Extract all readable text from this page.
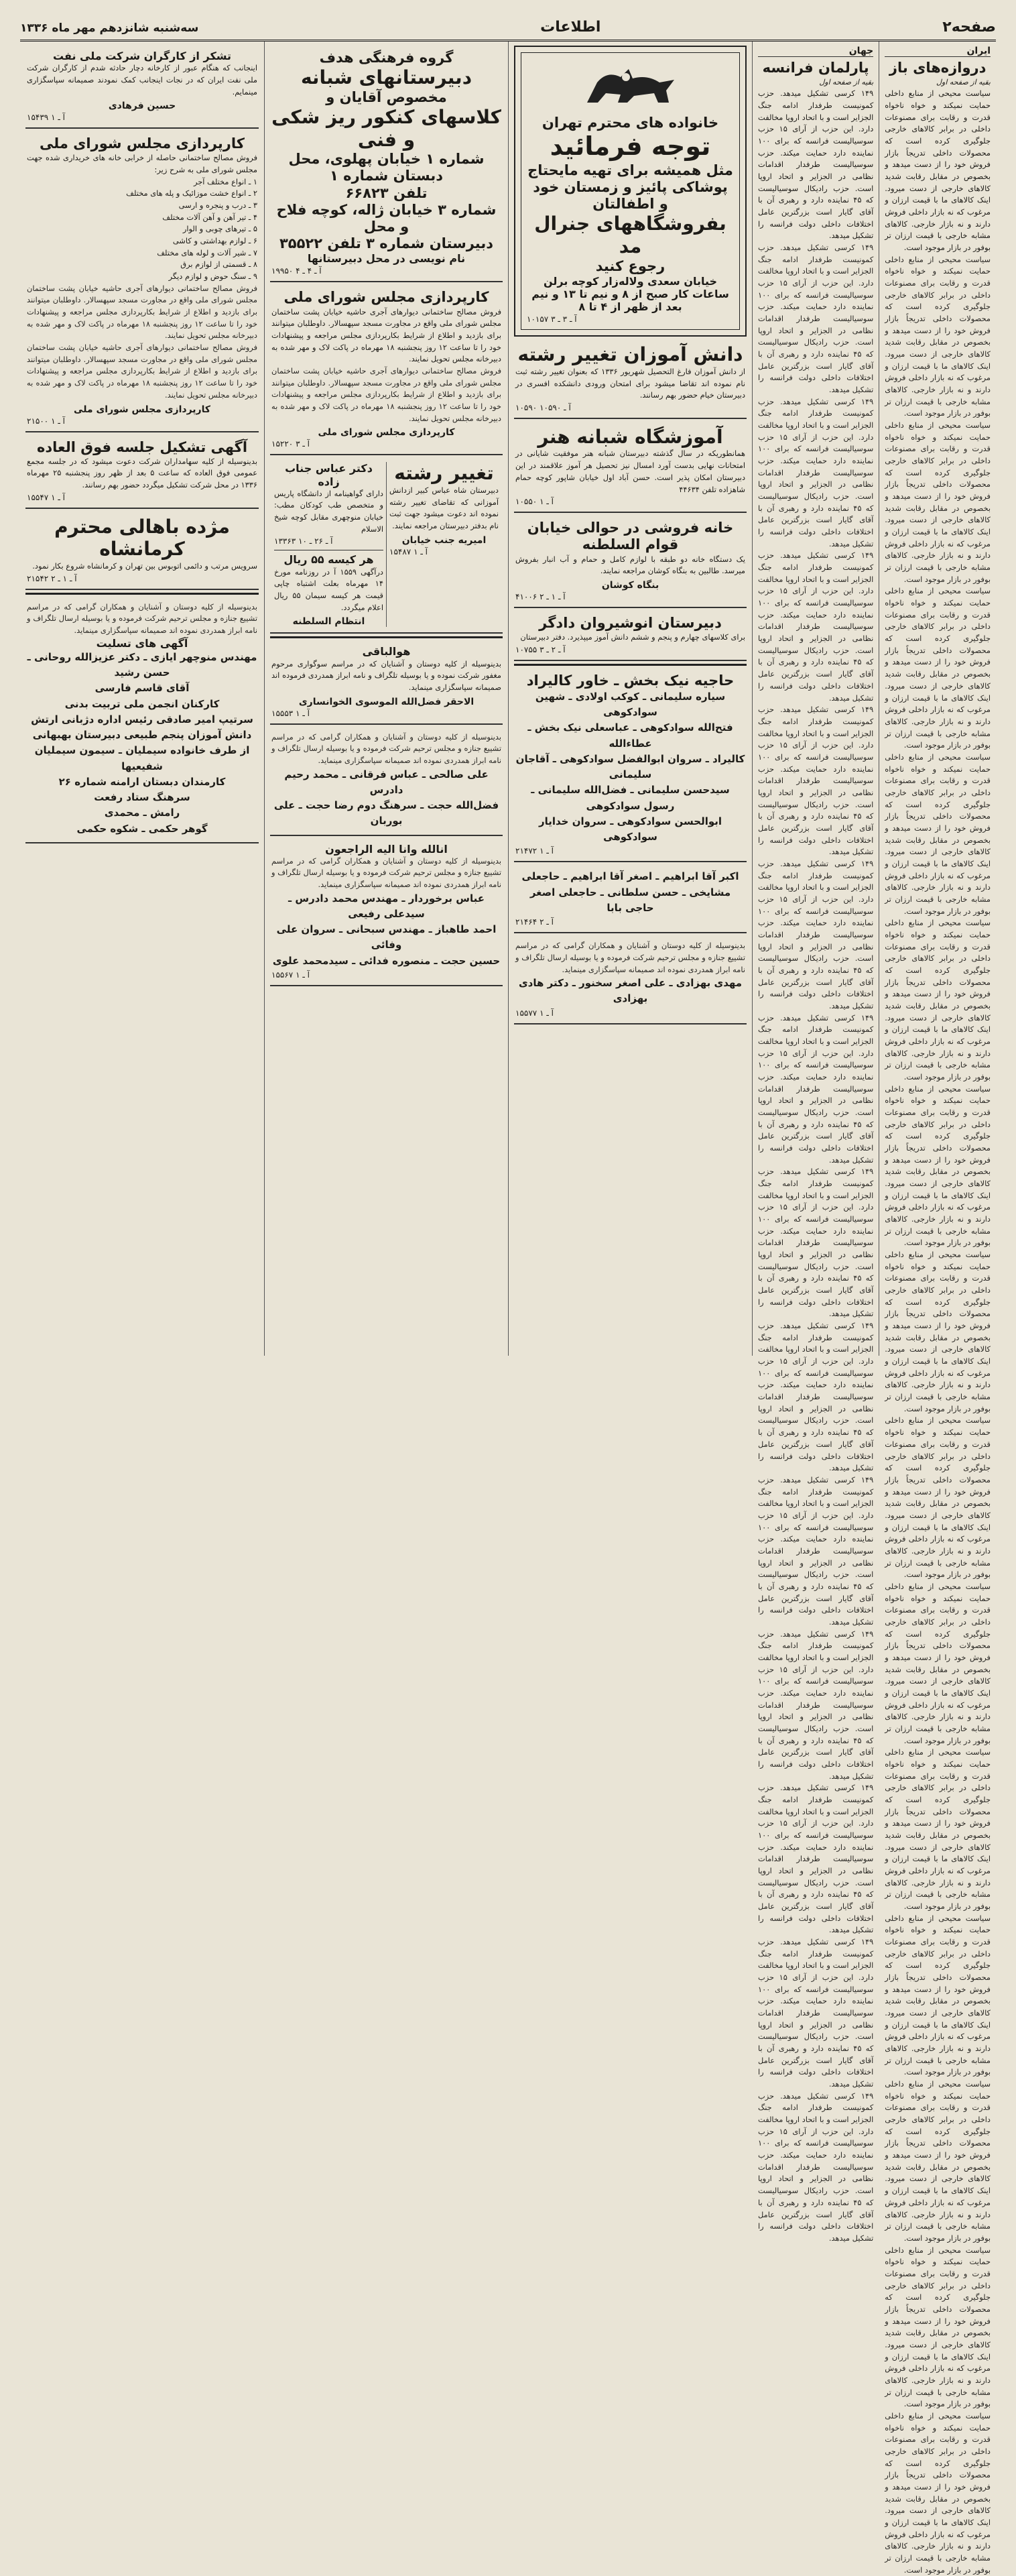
صفحه۲
اطلاعات
سه‌شنبه شانزدهم مهر ماه ۱۳۳۶
ایران
دروازه‌های باز
بقیه از صفحه اول
سیاست محیحی از منابع داخلی حمایت نمیکند و خواه ناخواه قدرت و رقابت برای مصنوعات داخلی در برابر کالاهای خارجی جلوگیری کرده است که محصولات داخلی تدریجاً بازار فروش خود را از دست میدهد و بخصوص در مقابل رقابت شدید کالاهای خارجی از دست میرود. اینک کالاهای ما با قیمت ارزان و مرغوب که نه بازار داخلی فروش دارند و نه بازار خارجی. کالاهای مشابه خارجی با قیمت ارزان تر بوفور در بازار موجود است.
سیاست محیحی از منابع داخلی حمایت نمیکند و خواه ناخواه قدرت و رقابت برای مصنوعات داخلی در برابر کالاهای خارجی جلوگیری کرده است که محصولات داخلی تدریجاً بازار فروش خود را از دست میدهد و بخصوص در مقابل رقابت شدید کالاهای خارجی از دست میرود. اینک کالاهای ما با قیمت ارزان و مرغوب که نه بازار داخلی فروش دارند و نه بازار خارجی. کالاهای مشابه خارجی با قیمت ارزان تر بوفور در بازار موجود است.
سیاست محیحی از منابع داخلی حمایت نمیکند و خواه ناخواه قدرت و رقابت برای مصنوعات داخلی در برابر کالاهای خارجی جلوگیری کرده است که محصولات داخلی تدریجاً بازار فروش خود را از دست میدهد و بخصوص در مقابل رقابت شدید کالاهای خارجی از دست میرود. اینک کالاهای ما با قیمت ارزان و مرغوب که نه بازار داخلی فروش دارند و نه بازار خارجی. کالاهای مشابه خارجی با قیمت ارزان تر بوفور در بازار موجود است.
سیاست محیحی از منابع داخلی حمایت نمیکند و خواه ناخواه قدرت و رقابت برای مصنوعات داخلی در برابر کالاهای خارجی جلوگیری کرده است که محصولات داخلی تدریجاً بازار فروش خود را از دست میدهد و بخصوص در مقابل رقابت شدید کالاهای خارجی از دست میرود. اینک کالاهای ما با قیمت ارزان و مرغوب که نه بازار داخلی فروش دارند و نه بازار خارجی. کالاهای مشابه خارجی با قیمت ارزان تر بوفور در بازار موجود است.
سیاست محیحی از منابع داخلی حمایت نمیکند و خواه ناخواه قدرت و رقابت برای مصنوعات داخلی در برابر کالاهای خارجی جلوگیری کرده است که محصولات داخلی تدریجاً بازار فروش خود را از دست میدهد و بخصوص در مقابل رقابت شدید کالاهای خارجی از دست میرود. اینک کالاهای ما با قیمت ارزان و مرغوب که نه بازار داخلی فروش دارند و نه بازار خارجی. کالاهای مشابه خارجی با قیمت ارزان تر بوفور در بازار موجود است.
سیاست محیحی از منابع داخلی حمایت نمیکند و خواه ناخواه قدرت و رقابت برای مصنوعات داخلی در برابر کالاهای خارجی جلوگیری کرده است که محصولات داخلی تدریجاً بازار فروش خود را از دست میدهد و بخصوص در مقابل رقابت شدید کالاهای خارجی از دست میرود. اینک کالاهای ما با قیمت ارزان و مرغوب که نه بازار داخلی فروش دارند و نه بازار خارجی. کالاهای مشابه خارجی با قیمت ارزان تر بوفور در بازار موجود است.
سیاست محیحی از منابع داخلی حمایت نمیکند و خواه ناخواه قدرت و رقابت برای مصنوعات داخلی در برابر کالاهای خارجی جلوگیری کرده است که محصولات داخلی تدریجاً بازار فروش خود را از دست میدهد و بخصوص در مقابل رقابت شدید کالاهای خارجی از دست میرود. اینک کالاهای ما با قیمت ارزان و مرغوب که نه بازار داخلی فروش دارند و نه بازار خارجی. کالاهای مشابه خارجی با قیمت ارزان تر بوفور در بازار موجود است.
سیاست محیحی از منابع داخلی حمایت نمیکند و خواه ناخواه قدرت و رقابت برای مصنوعات داخلی در برابر کالاهای خارجی جلوگیری کرده است که محصولات داخلی تدریجاً بازار فروش خود را از دست میدهد و بخصوص در مقابل رقابت شدید کالاهای خارجی از دست میرود. اینک کالاهای ما با قیمت ارزان و مرغوب که نه بازار داخلی فروش دارند و نه بازار خارجی. کالاهای مشابه خارجی با قیمت ارزان تر بوفور در بازار موجود است.
سیاست محیحی از منابع داخلی حمایت نمیکند و خواه ناخواه قدرت و رقابت برای مصنوعات داخلی در برابر کالاهای خارجی جلوگیری کرده است که محصولات داخلی تدریجاً بازار فروش خود را از دست میدهد و بخصوص در مقابل رقابت شدید کالاهای خارجی از دست میرود. اینک کالاهای ما با قیمت ارزان و مرغوب که نه بازار داخلی فروش دارند و نه بازار خارجی. کالاهای مشابه خارجی با قیمت ارزان تر بوفور در بازار موجود است.
سیاست محیحی از منابع داخلی حمایت نمیکند و خواه ناخواه قدرت و رقابت برای مصنوعات داخلی در برابر کالاهای خارجی جلوگیری کرده است که محصولات داخلی تدریجاً بازار فروش خود را از دست میدهد و بخصوص در مقابل رقابت شدید کالاهای خارجی از دست میرود. اینک کالاهای ما با قیمت ارزان و مرغوب که نه بازار داخلی فروش دارند و نه بازار خارجی. کالاهای مشابه خارجی با قیمت ارزان تر بوفور در بازار موجود است.
سیاست محیحی از منابع داخلی حمایت نمیکند و خواه ناخواه قدرت و رقابت برای مصنوعات داخلی در برابر کالاهای خارجی جلوگیری کرده است که محصولات داخلی تدریجاً بازار فروش خود را از دست میدهد و بخصوص در مقابل رقابت شدید کالاهای خارجی از دست میرود. اینک کالاهای ما با قیمت ارزان و مرغوب که نه بازار داخلی فروش دارند و نه بازار خارجی. کالاهای مشابه خارجی با قیمت ارزان تر بوفور در بازار موجود است.
سیاست محیحی از منابع داخلی حمایت نمیکند و خواه ناخواه قدرت و رقابت برای مصنوعات داخلی در برابر کالاهای خارجی جلوگیری کرده است که محصولات داخلی تدریجاً بازار فروش خود را از دست میدهد و بخصوص در مقابل رقابت شدید کالاهای خارجی از دست میرود. اینک کالاهای ما با قیمت ارزان و مرغوب که نه بازار داخلی فروش دارند و نه بازار خارجی. کالاهای مشابه خارجی با قیمت ارزان تر بوفور در بازار موجود است.
سیاست محیحی از منابع داخلی حمایت نمیکند و خواه ناخواه قدرت و رقابت برای مصنوعات داخلی در برابر کالاهای خارجی جلوگیری کرده است که محصولات داخلی تدریجاً بازار فروش خود را از دست میدهد و بخصوص در مقابل رقابت شدید کالاهای خارجی از دست میرود. اینک کالاهای ما با قیمت ارزان و مرغوب که نه بازار داخلی فروش دارند و نه بازار خارجی. کالاهای مشابه خارجی با قیمت ارزان تر بوفور در بازار موجود است.
سیاست محیحی از منابع داخلی حمایت نمیکند و خواه ناخواه قدرت و رقابت برای مصنوعات داخلی در برابر کالاهای خارجی جلوگیری کرده است که محصولات داخلی تدریجاً بازار فروش خود را از دست میدهد و بخصوص در مقابل رقابت شدید کالاهای خارجی از دست میرود. اینک کالاهای ما با قیمت ارزان و مرغوب که نه بازار داخلی فروش دارند و نه بازار خارجی. کالاهای مشابه خارجی با قیمت ارزان تر بوفور در بازار موجود است.
سیاست محیحی از منابع داخلی حمایت نمیکند و خواه ناخواه قدرت و رقابت برای مصنوعات داخلی در برابر کالاهای خارجی جلوگیری کرده است که محصولات داخلی تدریجاً بازار فروش خود را از دست میدهد و بخصوص در مقابل رقابت شدید کالاهای خارجی از دست میرود. اینک کالاهای ما با قیمت ارزان و مرغوب که نه بازار داخلی فروش دارند و نه بازار خارجی. کالاهای مشابه خارجی با قیمت ارزان تر بوفور در بازار موجود است.
جهان
پارلمان فرانسه
بقیه از صفحه اول
۱۴۹ کرسی تشکیل میدهد. حزب کمونیست طرفدار ادامه جنگ الجزایر است و با اتحاد اروپا مخالفت دارد. این حزب از آرای ۱۵ حزب سوسیالیست فرانسه که برای ۱۰۰ نماینده دارد حمایت میکند. حزب سوسیالیست طرفدار اقدامات نظامی در الجزایر و اتحاد اروپا است. حزب رادیکال سوسیالیست که ۴۵ نماینده دارد و رهبری آن با آقای گایار است بزرگترین عامل اختلافات داخلی دولت فرانسه را تشکیل میدهد.
۱۴۹ کرسی تشکیل میدهد. حزب کمونیست طرفدار ادامه جنگ الجزایر است و با اتحاد اروپا مخالفت دارد. این حزب از آرای ۱۵ حزب سوسیالیست فرانسه که برای ۱۰۰ نماینده دارد حمایت میکند. حزب سوسیالیست طرفدار اقدامات نظامی در الجزایر و اتحاد اروپا است. حزب رادیکال سوسیالیست که ۴۵ نماینده دارد و رهبری آن با آقای گایار است بزرگترین عامل اختلافات داخلی دولت فرانسه را تشکیل میدهد.
۱۴۹ کرسی تشکیل میدهد. حزب کمونیست طرفدار ادامه جنگ الجزایر است و با اتحاد اروپا مخالفت دارد. این حزب از آرای ۱۵ حزب سوسیالیست فرانسه که برای ۱۰۰ نماینده دارد حمایت میکند. حزب سوسیالیست طرفدار اقدامات نظامی در الجزایر و اتحاد اروپا است. حزب رادیکال سوسیالیست که ۴۵ نماینده دارد و رهبری آن با آقای گایار است بزرگترین عامل اختلافات داخلی دولت فرانسه را تشکیل میدهد.
۱۴۹ کرسی تشکیل میدهد. حزب کمونیست طرفدار ادامه جنگ الجزایر است و با اتحاد اروپا مخالفت دارد. این حزب از آرای ۱۵ حزب سوسیالیست فرانسه که برای ۱۰۰ نماینده دارد حمایت میکند. حزب سوسیالیست طرفدار اقدامات نظامی در الجزایر و اتحاد اروپا است. حزب رادیکال سوسیالیست که ۴۵ نماینده دارد و رهبری آن با آقای گایار است بزرگترین عامل اختلافات داخلی دولت فرانسه را تشکیل میدهد.
۱۴۹ کرسی تشکیل میدهد. حزب کمونیست طرفدار ادامه جنگ الجزایر است و با اتحاد اروپا مخالفت دارد. این حزب از آرای ۱۵ حزب سوسیالیست فرانسه که برای ۱۰۰ نماینده دارد حمایت میکند. حزب سوسیالیست طرفدار اقدامات نظامی در الجزایر و اتحاد اروپا است. حزب رادیکال سوسیالیست که ۴۵ نماینده دارد و رهبری آن با آقای گایار است بزرگترین عامل اختلافات داخلی دولت فرانسه را تشکیل میدهد.
۱۴۹ کرسی تشکیل میدهد. حزب کمونیست طرفدار ادامه جنگ الجزایر است و با اتحاد اروپا مخالفت دارد. این حزب از آرای ۱۵ حزب سوسیالیست فرانسه که برای ۱۰۰ نماینده دارد حمایت میکند. حزب سوسیالیست طرفدار اقدامات نظامی در الجزایر و اتحاد اروپا است. حزب رادیکال سوسیالیست که ۴۵ نماینده دارد و رهبری آن با آقای گایار است بزرگترین عامل اختلافات داخلی دولت فرانسه را تشکیل میدهد.
۱۴۹ کرسی تشکیل میدهد. حزب کمونیست طرفدار ادامه جنگ الجزایر است و با اتحاد اروپا مخالفت دارد. این حزب از آرای ۱۵ حزب سوسیالیست فرانسه که برای ۱۰۰ نماینده دارد حمایت میکند. حزب سوسیالیست طرفدار اقدامات نظامی در الجزایر و اتحاد اروپا است. حزب رادیکال سوسیالیست که ۴۵ نماینده دارد و رهبری آن با آقای گایار است بزرگترین عامل اختلافات داخلی دولت فرانسه را تشکیل میدهد.
۱۴۹ کرسی تشکیل میدهد. حزب کمونیست طرفدار ادامه جنگ الجزایر است و با اتحاد اروپا مخالفت دارد. این حزب از آرای ۱۵ حزب سوسیالیست فرانسه که برای ۱۰۰ نماینده دارد حمایت میکند. حزب سوسیالیست طرفدار اقدامات نظامی در الجزایر و اتحاد اروپا است. حزب رادیکال سوسیالیست که ۴۵ نماینده دارد و رهبری آن با آقای گایار است بزرگترین عامل اختلافات داخلی دولت فرانسه را تشکیل میدهد.
۱۴۹ کرسی تشکیل میدهد. حزب کمونیست طرفدار ادامه جنگ الجزایر است و با اتحاد اروپا مخالفت دارد. این حزب از آرای ۱۵ حزب سوسیالیست فرانسه که برای ۱۰۰ نماینده دارد حمایت میکند. حزب سوسیالیست طرفدار اقدامات نظامی در الجزایر و اتحاد اروپا است. حزب رادیکال سوسیالیست که ۴۵ نماینده دارد و رهبری آن با آقای گایار است بزرگترین عامل اختلافات داخلی دولت فرانسه را تشکیل میدهد.
۱۴۹ کرسی تشکیل میدهد. حزب کمونیست طرفدار ادامه جنگ الجزایر است و با اتحاد اروپا مخالفت دارد. این حزب از آرای ۱۵ حزب سوسیالیست فرانسه که برای ۱۰۰ نماینده دارد حمایت میکند. حزب سوسیالیست طرفدار اقدامات نظامی در الجزایر و اتحاد اروپا است. حزب رادیکال سوسیالیست که ۴۵ نماینده دارد و رهبری آن با آقای گایار است بزرگترین عامل اختلافات داخلی دولت فرانسه را تشکیل میدهد.
۱۴۹ کرسی تشکیل میدهد. حزب کمونیست طرفدار ادامه جنگ الجزایر است و با اتحاد اروپا مخالفت دارد. این حزب از آرای ۱۵ حزب سوسیالیست فرانسه که برای ۱۰۰ نماینده دارد حمایت میکند. حزب سوسیالیست طرفدار اقدامات نظامی در الجزایر و اتحاد اروپا است. حزب رادیکال سوسیالیست که ۴۵ نماینده دارد و رهبری آن با آقای گایار است بزرگترین عامل اختلافات داخلی دولت فرانسه را تشکیل میدهد.
۱۴۹ کرسی تشکیل میدهد. حزب کمونیست طرفدار ادامه جنگ الجزایر است و با اتحاد اروپا مخالفت دارد. این حزب از آرای ۱۵ حزب سوسیالیست فرانسه که برای ۱۰۰ نماینده دارد حمایت میکند. حزب سوسیالیست طرفدار اقدامات نظامی در الجزایر و اتحاد اروپا است. حزب رادیکال سوسیالیست که ۴۵ نماینده دارد و رهبری آن با آقای گایار است بزرگترین عامل اختلافات داخلی دولت فرانسه را تشکیل میدهد.
۱۴۹ کرسی تشکیل میدهد. حزب کمونیست طرفدار ادامه جنگ الجزایر است و با اتحاد اروپا مخالفت دارد. این حزب از آرای ۱۵ حزب سوسیالیست فرانسه که برای ۱۰۰ نماینده دارد حمایت میکند. حزب سوسیالیست طرفدار اقدامات نظامی در الجزایر و اتحاد اروپا است. حزب رادیکال سوسیالیست که ۴۵ نماینده دارد و رهبری آن با آقای گایار است بزرگترین عامل اختلافات داخلی دولت فرانسه را تشکیل میدهد.
۱۴۹ کرسی تشکیل میدهد. حزب کمونیست طرفدار ادامه جنگ الجزایر است و با اتحاد اروپا مخالفت دارد. این حزب از آرای ۱۵ حزب سوسیالیست فرانسه که برای ۱۰۰ نماینده دارد حمایت میکند. حزب سوسیالیست طرفدار اقدامات نظامی در الجزایر و اتحاد اروپا است. حزب رادیکال سوسیالیست که ۴۵ نماینده دارد و رهبری آن با آقای گایار است بزرگترین عامل اختلافات داخلی دولت فرانسه را تشکیل میدهد.
خانواده های محترم تهران
توجه فرمائید
مثل همیشه برای تهیه مایحتاج
پوشاکی پائیز و زمستان خود و اطفالتان
بفروشگاههای جنرال مد
رجوع کنید
خیابان سعدی ولاله‌زار کوچه برلن
ساعات کار صبح از ۸ و نیم تا ۱۳ و نیم
بعد از ظهر از ۴ تا ۸
۱۰۱۵۷ آ ـ ۳ ـ ۳
دانش آموزان تغییر رشته
از دانش آموزان فارغ التحصیل شهریور ۱۳۳۶ که بعنوان تغییر رشته ثبت نام نموده اند تقاضا میشود برای امتحان ورودی دانشکده افسری در دبیرستان خیام حضور بهم رسانند.
۱۰۵۹۰ آ ـ ۱۰۵۹۰
آموزشگاه شبانه هنر
همانطوریکه در سال گذشته دبیرستان شبانه هنر موفقیت شایانی در امتحانات نهایی بدست آورد امسال نیز تحصیل هر آموز علاقمند در این دبیرستان امکان پذیر است. حسن آباد اول خیابان شاپور کوچه حمام شاهزاده تلفن ۴۴۶۳۴
۱۰۵۵۰ آ ـ ۱
خانه فروشی در حوالی خیابان قوام السلطنه
یک دستگاه خانه دو طبقه با لوازم کامل و حمام و آب انبار بفروش میرسد. طالبین به بنگاه کوشان مراجعه نمایند.
بنگاه کوشان
۴۱۰۰۶ آ ـ ۱ ـ ۲
دبیرستان انوشیروان دادگر
برای کلاسهای چهارم و پنجم و ششم دانش آموز میپذیرد. دفتر دبیرستان
۱۰۷۵۵ آ ـ ۲ ـ ۳
حاجیه نیک بخش ـ خاور کالیراد
سیاره سلیمانی ـ کوکب اولادی ـ شهین سوادکوهی
فتح‌الله سوادکوهی ـ عباسعلی نیک بخش ـ عطاءالله
کالیراد ـ سروان ابوالفضل سوادکوهی ـ آقاجان سلیمانی
سیدحسن سلیمانی ـ فضل‌الله سلیمانی ـ رسول سوادکوهی
ابوالحسن سوادکوهی ـ سروان خدایار سوادکوهی
۲۱۴۷۲ آ ـ ۱
اکبر آقا ابراهیم ـ اصغر آقا ابراهیم ـ حاجعلی
مشایخی ـ حسن سلطانی ـ حاجعلی اصغر حاجی بابا
۲۱۴۶۴ آ ـ ۲
بدینوسیله از کلیه دوستان و آشنایان و همکاران گرامی که در مراسم تشییع جنازه و مجلس ترحیم شرکت فرموده و یا بوسیله ارسال تلگراف و نامه ابراز همدردی نموده اند صمیمانه سپاسگزاری مینماید.
مهدی بهزادی ـ علی اصغر سخنور ـ دکتر هادی بهزادی
۱۵۵۷۷ آ ـ ۱
گروه فرهنگی هدف
دبیرستانهای شبانه
مخصوص آقایان و
کلاسهای کنکور ریز شکی و فنی
شماره ۱ خیابان پهلوی، محل دبستان شماره ۱
تلفن ۶۶۸۲۳
شماره ۳ خیابان ژاله، کوچه فلاح و محل
دبیرستان شماره ۳ تلفن ۳۵۵۲۲
نام نویسی در محل دبیرستانها
۱۹۹۵۰ آ ـ ۴ ـ ۴
کارپردازی مجلس شورای ملی
فروش مصالح ساختمانی دیوارهای آجری حاشیه خیابان پشت ساختمان مجلس شورای ملی واقع در مجاورت مسجد سپهسالار. داوطلبان میتوانند برای بازدید و اطلاع از شرایط بکارپردازی مجلس مراجعه و پیشنهادات خود را تا ساعت ۱۲ روز پنجشنبه ۱۸ مهرماه در پاکت لاک و مهر شده به دبیرخانه مجلس تحویل نمایند.
فروش مصالح ساختمانی دیوارهای آجری حاشیه خیابان پشت ساختمان مجلس شورای ملی واقع در مجاورت مسجد سپهسالار. داوطلبان میتوانند برای بازدید و اطلاع از شرایط بکارپردازی مجلس مراجعه و پیشنهادات خود را تا ساعت ۱۲ روز پنجشنبه ۱۸ مهرماه در پاکت لاک و مهر شده به دبیرخانه مجلس تحویل نمایند.
کارپردازی مجلس شورای ملی
۱۵۲۲۰ آ ـ ۳
تغییر رشته
دبیرستان شاه عباس کبیر ازدانش آموزانی که تقاضای تغییر رشته نموده اند دعوت میشود جهت ثبت نام بدفتر دبیرستان مراجعه نمایند.
امیریه جنب خیابان
۱۵۴۸۷ آ ـ ۱
دکتر عباس جناب زاده
دارای گواهینامه از دانشگاه پاریس و متخصص طب کودکان مطب: خیابان منوچهری مقابل کوچه شیخ الاسلام
۱۳۳۶۳ آ ـ ۲۶ ـ ۱۰
هر کیسه ۵۵ ریال
درآگهی ۱۵۵۹ آ در روزنامه مورخ ۱۴ مهرماه بعلت اشتباه چاپی قیمت هر کیسه سیمان ۵۵ ریال اعلام میگردد.
انتظام السلطنه
هوالباقی
بدینوسیله از کلیه دوستان و آشنایان که در مراسم سوگواری مرحوم مغفور شرکت نموده و یا بوسیله تلگراف و نامه ابراز همدردی فرموده اند صمیمانه سپاسگزاری مینماید.
الاحقر فضل‌الله الموسوی الخوانساری
۱۵۵۵۳ آ ـ ۱
بدینوسیله از کلیه دوستان و آشنایان و همکاران گرامی که در مراسم تشییع جنازه و مجلس ترحیم شرکت فرموده و یا بوسیله ارسال تلگراف و نامه ابراز همدردی نموده اند صمیمانه سپاسگزاری مینماید.
علی صالحی ـ عباس فرقانی ـ محمد رحیم دادرس
فضل‌الله حجت ـ سرهنگ دوم رضا حجت ـ علی بوربان
انالله وانا الیه الراجعون
بدینوسیله از کلیه دوستان و آشنایان و همکاران گرامی که در مراسم تشییع جنازه و مجلس ترحیم شرکت فرموده و یا بوسیله ارسال تلگراف و نامه ابراز همدردی نموده اند صمیمانه سپاسگزاری مینماید.
عباس برخوردار ـ مهندس محمد دادرس ـ سیدعلی رفیعی
احمد طاهباز ـ مهندس سبحانی ـ سروان علی وفائی
حسین حجت ـ منصوره فدائی ـ سیدمحمد علوی
۱۵۵۶۷ آ ـ ۱
تشکر از کارگران شرکت ملی نفت
اینجانب که هنگام عبور از کارخانه دچار حادثه شدم از کارگران شرکت ملی نفت ایران که در نجات اینجانب کمک نمودند صمیمانه سپاسگزاری مینمایم.
حسین فرهادی
۱۵۴۳۹ آ ـ ۱
کارپردازی مجلس شورای ملی
فروش مصالح ساختمانی حاصله از خرابی خانه های خریداری شده جهت مجلس شورای ملی به شرح زیر:
۱ ـ انواع مختلف آجر
۲ ـ انواع خشت موزائیک و پله های مختلف
۳ ـ درب و پنجره و ارسی
۴ ـ تیر آهن و آهن آلات مختلف
۵ ـ تیرهای چوبی و الوار
۶ ـ لوازم بهداشتی و کاشی
۷ ـ شیر آلات و لوله های مختلف
۸ ـ قسمتی از لوازم برق
۹ ـ سنگ حوض و لوازم دیگر
فروش مصالح ساختمانی دیوارهای آجری حاشیه خیابان پشت ساختمان مجلس شورای ملی واقع در مجاورت مسجد سپهسالار. داوطلبان میتوانند برای بازدید و اطلاع از شرایط بکارپردازی مجلس مراجعه و پیشنهادات خود را تا ساعت ۱۲ روز پنجشنبه ۱۸ مهرماه در پاکت لاک و مهر شده به دبیرخانه مجلس تحویل نمایند.
فروش مصالح ساختمانی دیوارهای آجری حاشیه خیابان پشت ساختمان مجلس شورای ملی واقع در مجاورت مسجد سپهسالار. داوطلبان میتوانند برای بازدید و اطلاع از شرایط بکارپردازی مجلس مراجعه و پیشنهادات خود را تا ساعت ۱۲ روز پنجشنبه ۱۸ مهرماه در پاکت لاک و مهر شده به دبیرخانه مجلس تحویل نمایند.
کارپردازی مجلس شورای ملی
۲۱۵۰۰ آ ـ ۱
آگهی تشکیل جلسه فوق العاده
بدینوسیله از کلیه سهامداران شرکت دعوت میشود که در جلسه مجمع عمومی فوق العاده که ساعت ۵ بعد از ظهر روز پنجشنبه ۲۵ مهرماه ۱۳۳۶ در محل شرکت تشکیل میگردد حضور بهم رسانند.
۱۵۵۴۷ آ ـ ۱
مژده باهالی محترم کرمانشاه
سرویس مرتب و دائمی اتوبوس بین تهران و کرمانشاه شروع بکار نمود.
۲۱۵۴۲ آ ـ ۱ ـ ۲
بدینوسیله از کلیه دوستان و آشنایان و همکاران گرامی که در مراسم تشییع جنازه و مجلس ترحیم شرکت فرموده و یا بوسیله ارسال تلگراف و نامه ابراز همدردی نموده اند صمیمانه سپاسگزاری مینماید.
آگهی های تسلیت
مهندس منوچهر ایازی ـ دکتر عزیزالله روحانی ـ حسن رشید
آقای قاسم فارسی
کارکنان انجمن ملی تربیت بدنی
سرتیپ امیر صادقی رئیس اداره دژبانی ارتش
دانش آموزان پنجم طبیعی دبیرستان بهبهانی
از طرف خانواده سیملیان ـ سیمون سیملیان
شفیعیها
کارمندان دبستان ارامنه شماره ۲۶
سرهنگ ستاد رفعت
رامش ـ محمدی
گوهر حکمی ـ شکوه حکمی
